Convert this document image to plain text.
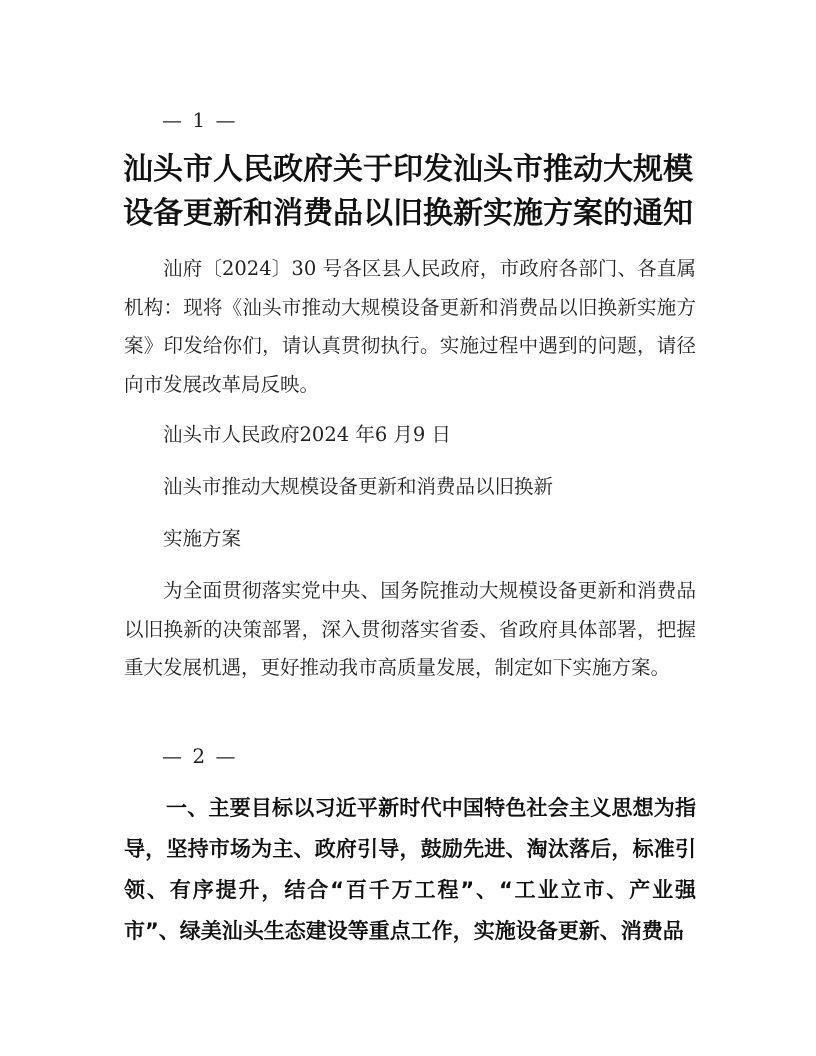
— 1 —
汕头市人民政府关于印发汕头市推动大规模设备更新和消费品以旧换新实施方案的通知

汕府〔2024〕30 号各区县人民政府，市政府各部门、各直属机构：现将《汕头市推动大规模设备更新和消费品以旧换新实施方案》印发给你们，请认真贯彻执行。实施过程中遇到的问题，请径向市发展改革局反映。

汕头市人民政府2024 年6 月9 日

汕头市推动大规模设备更新和消费品以旧换新

实施方案

为全面贯彻落实党中央、国务院推动大规模设备更新和消费品以旧换新的决策部署，深入贯彻落实省委、省政府具体部署，把握重大发展机遇，更好推动我市高质量发展，制定如下实施方案。

— 2 —

一、主要目标以习近平新时代中国特色社会主义思想为指导，坚持市场为主、政府引导，鼓励先进、淘汰落后，标准引领、有序提升，结合“百千万工程”、“工业立市、产业强市”、绿美汕头生态建设等重点工作，实施设备更新、消费品
